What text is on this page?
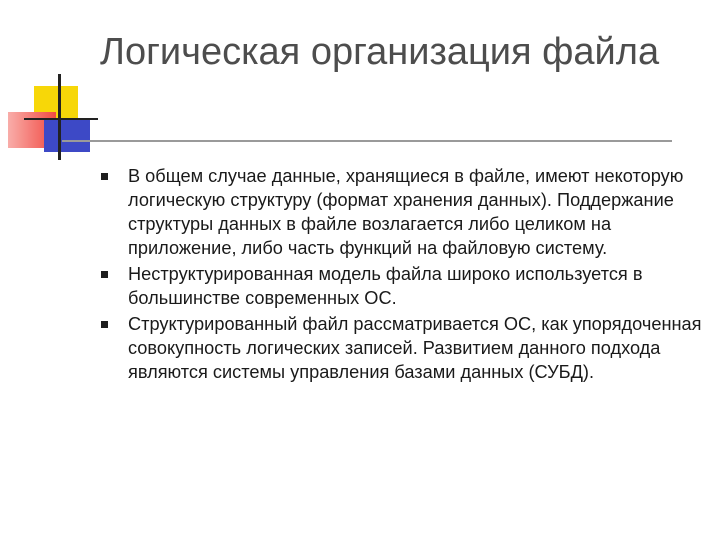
Логическая организация файла
В общем случае данные, хранящиеся в файле, имеют некоторую логическую структуру (формат хранения данных). Поддержание структуры данных в файле возлагается либо целиком на приложение, либо часть функций на файловую систему.
Неструктурированная модель файла широко используется в большинстве современных ОС.
Структурированный файл рассматривается ОС, как упорядоченная совокупность логических записей. Развитием данного подхода являются системы управления базами данных (СУБД).
